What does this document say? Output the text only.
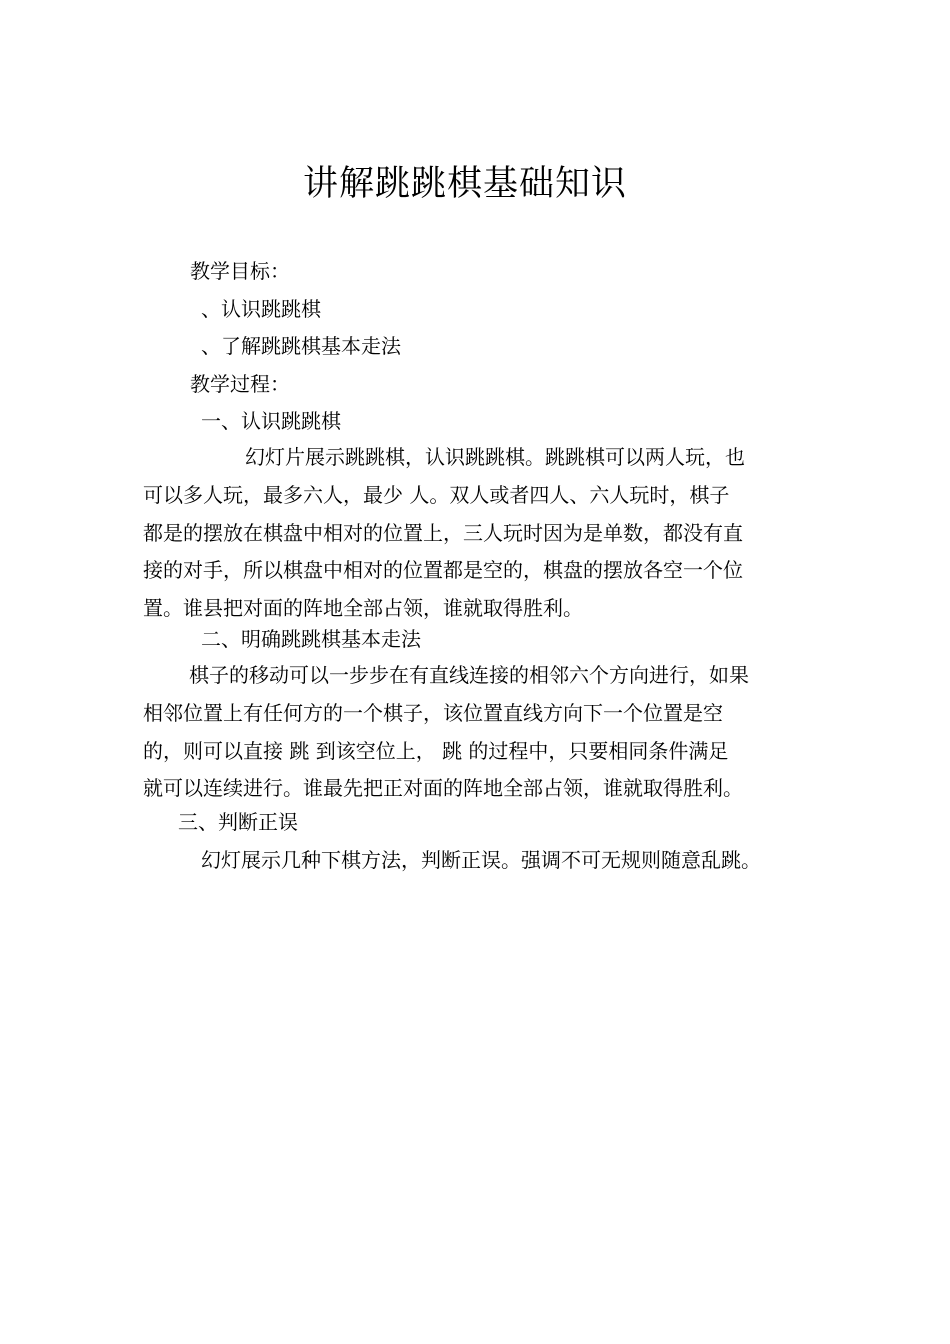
讲解跳跳棋基础知识
教学目标：
、认识跳跳棋
、了解跳跳棋基本走法
教学过程：
一、认识跳跳棋
幻灯片展示跳跳棋，认识跳跳棋。跳跳棋可以两人玩，也
可以多人玩，最多六人，最少 人。双人或者四人、六人玩时，棋子
都是的摆放在棋盘中相对的位置上，三人玩时因为是单数，都没有直
接的对手，所以棋盘中相对的位置都是空的，棋盘的摆放各空一个位
置。谁县把对面的阵地全部占领，谁就取得胜利。
二、明确跳跳棋基本走法
棋子的移动可以一步步在有直线连接的相邻六个方向进行，如果
相邻位置上有任何方的一个棋子，该位置直线方向下一个位置是空
的，则可以直接 跳 到该空位上， 跳 的过程中，只要相同条件满足
就可以连续进行。谁最先把正对面的阵地全部占领，谁就取得胜利。
三、判断正误
幻灯展示几种下棋方法，判断正误。强调不可无规则随意乱跳。
